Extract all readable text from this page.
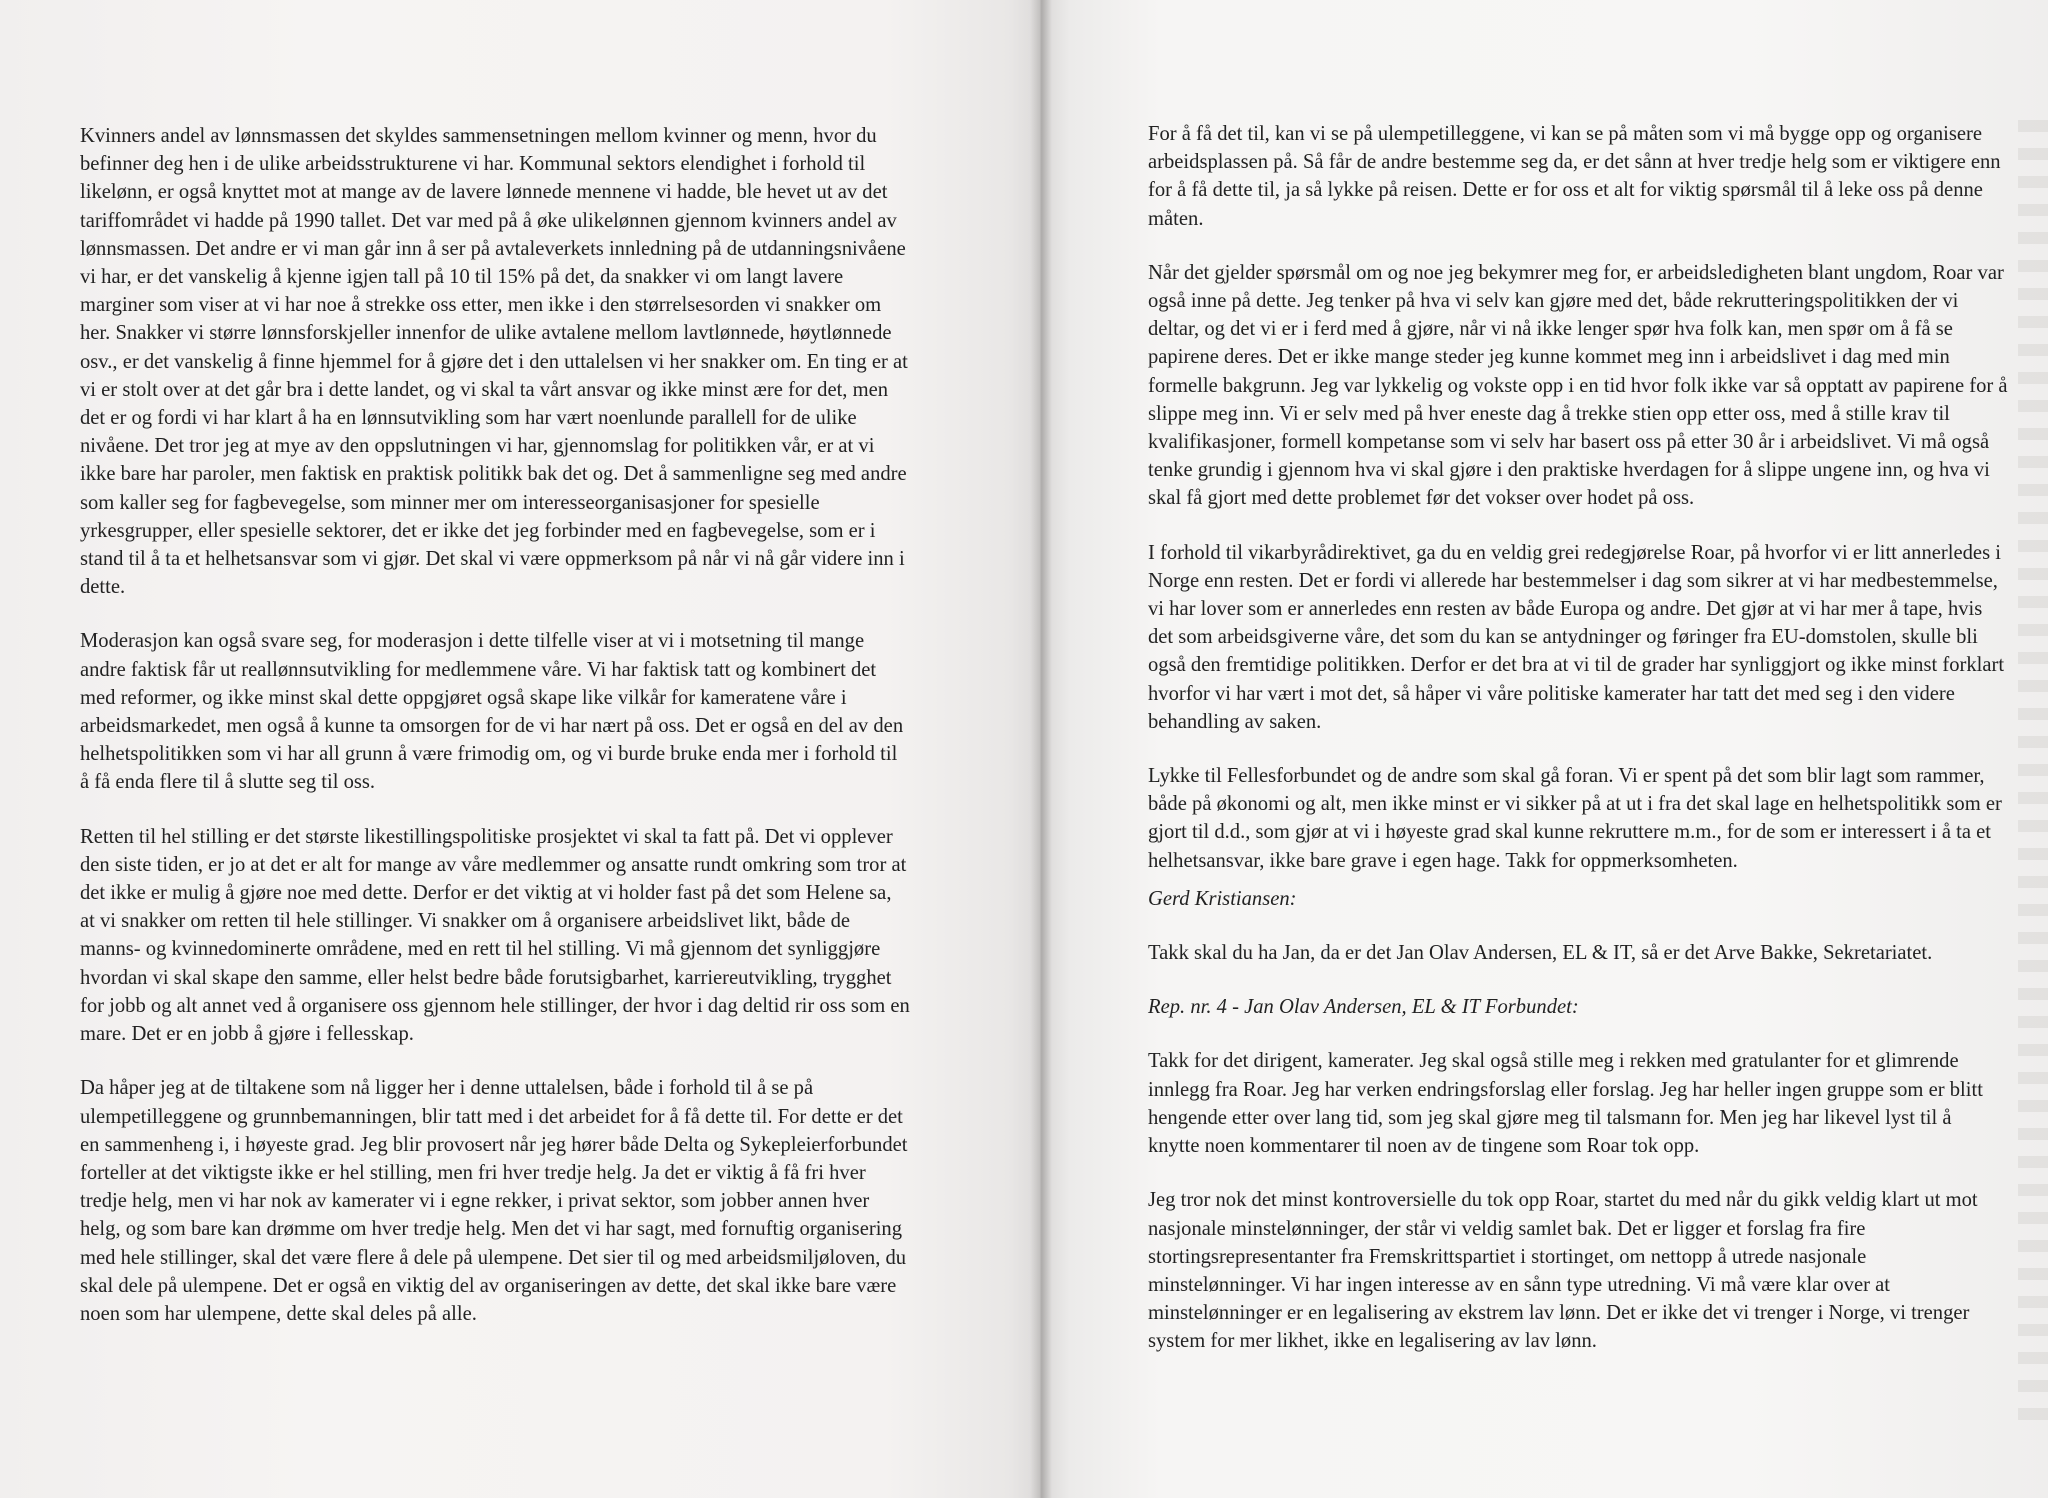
Kvinners andel av lønnsmassen det skyldes sammensetningen mellom kvinner og menn, hvor du befinner deg hen i de ulike arbeidsstrukturene vi har. Kommunal sektors elendighet i forhold til likelønn, er også knyttet mot at mange av de lavere lønnede mennene vi hadde, ble hevet ut av det tariffområdet vi hadde på 1990 tallet. Det var med på å øke ulikelønnen gjennom kvinners andel av lønnsmassen. Det andre er vi man går inn å ser på avtaleverkets innledning på de utdanningsnivåene vi har, er det vanskelig å kjenne igjen tall på 10 til 15% på det, da snakker vi om langt lavere marginer som viser at vi har noe å strekke oss etter, men ikke i den størrelsesorden vi snakker om her. Snakker vi større lønnsforskjeller innenfor de ulike avtalene mellom lavtlønnede, høytlønnede osv., er det vanskelig å finne hjemmel for å gjøre det i den uttalelsen vi her snakker om. En ting er at vi er stolt over at det går bra i dette landet, og vi skal ta vårt ansvar og ikke minst ære for det, men det er og fordi vi har klart å ha en lønnsutvikling som har vært noenlunde parallell for de ulike nivåene. Det tror jeg at mye av den oppslutningen vi har, gjennomslag for politikken vår, er at vi ikke bare har paroler, men faktisk en praktisk politikk bak det og. Det å sammenligne seg med andre som kaller seg for fagbevegelse, som minner mer om interesseorganisasjoner for spesielle yrkesgrupper, eller spesielle sektorer, det er ikke det jeg forbinder med en fagbevegelse, som er i stand til å ta et helhetsansvar som vi gjør. Det skal vi være oppmerksom på når vi nå går videre inn i dette.

Moderasjon kan også svare seg, for moderasjon i dette tilfelle viser at vi i motsetning til mange andre faktisk får ut reallønnsutvikling for medlemmene våre. Vi har faktisk tatt og kombinert det med reformer, og ikke minst skal dette oppgjøret også skape like vilkår for kameratene våre i arbeidsmarkedet, men også å kunne ta omsorgen for de vi har nært på oss. Det er også en del av den helhetspolitikken som vi har all grunn å være frimodig om, og vi burde bruke enda mer i forhold til å få enda flere til å slutte seg til oss.

Retten til hel stilling er det største likestillingspolitiske prosjektet vi skal ta fatt på. Det vi opplever den siste tiden, er jo at det er alt for mange av våre medlemmer og ansatte rundt omkring som tror at det ikke er mulig å gjøre noe med dette. Derfor er det viktig at vi holder fast på det som Helene sa, at vi snakker om retten til hele stillinger. Vi snakker om å organisere arbeidslivet likt, både de manns- og kvinnedominerte områdene, med en rett til hel stilling. Vi må gjennom det synliggjøre hvordan vi skal skape den samme, eller helst bedre både forutsigbarhet, karriereutvikling, trygghet for jobb og alt annet ved å organisere oss gjennom hele stillinger, der hvor i dag deltid rir oss som en mare. Det er en jobb å gjøre i fellesskap.

Da håper jeg at de tiltakene som nå ligger her i denne uttalelsen, både i forhold til å se på ulempetilleggene og grunnbemanningen, blir tatt med i det arbeidet for å få dette til. For dette er det en sammenheng i, i høyeste grad. Jeg blir provosert når jeg hører både Delta og Sykepleierforbundet forteller at det viktigste ikke er hel stilling, men fri hver tredje helg. Ja det er viktig å få fri hver tredje helg, men vi har nok av kamerater vi i egne rekker, i privat sektor, som jobber annen hver helg, og som bare kan drømme om hver tredje helg. Men det vi har sagt, med fornuftig organisering med hele stillinger, skal det være flere å dele på ulempene. Det sier til og med arbeidsmiljøloven, du skal dele på ulempene. Det er også en viktig del av organiseringen av dette, det skal ikke bare være noen som har ulempene, dette skal deles på alle.

For å få det til, kan vi se på ulempetilleggene, vi kan se på måten som vi må bygge opp og organisere arbeidsplassen på. Så får de andre bestemme seg da, er det sånn at hver tredje helg som er viktigere enn for å få dette til, ja så lykke på reisen. Dette er for oss et alt for viktig spørsmål til å leke oss på denne måten.

Når det gjelder spørsmål om og noe jeg bekymrer meg for, er arbeidsledigheten blant ungdom, Roar var også inne på dette. Jeg tenker på hva vi selv kan gjøre med det, både rekrutteringspolitikken der vi deltar, og det vi er i ferd med å gjøre, når vi nå ikke lenger spør hva folk kan, men spør om å få se papirene deres. Det er ikke mange steder jeg kunne kommet meg inn i arbeidslivet i dag med min formelle bakgrunn. Jeg var lykkelig og vokste opp i en tid hvor folk ikke var så opptatt av papirene for å slippe meg inn. Vi er selv med på hver eneste dag å trekke stien opp etter oss, med å stille krav til kvalifikasjoner, formell kompetanse som vi selv har basert oss på etter 30 år i arbeidslivet. Vi må også tenke grundig i gjennom hva vi skal gjøre i den praktiske hverdagen for å slippe ungene inn, og hva vi skal få gjort med dette problemet før det vokser over hodet på oss.

I forhold til vikarbyrådirektivet, ga du en veldig grei redegjørelse Roar, på hvorfor vi er litt annerledes i Norge enn resten. Det er fordi vi allerede har bestemmelser i dag som sikrer at vi har medbestemmelse, vi har lover som er annerledes enn resten av både Europa og andre. Det gjør at vi har mer å tape, hvis det som arbeidsgiverne våre, det som du kan se antydninger og føringer fra EU-domstolen, skulle bli også den fremtidige politikken. Derfor er det bra at vi til de grader har synliggjort og ikke minst forklart hvorfor vi har vært i mot det, så håper vi våre politiske kamerater har tatt det med seg i den videre behandling av saken.

Lykke til Fellesforbundet og de andre som skal gå foran. Vi er spent på det som blir lagt som rammer, både på økonomi og alt, men ikke minst er vi sikker på at ut i fra det skal lage en helhetspolitikk som er gjort til d.d., som gjør at vi i høyeste grad skal kunne rekruttere m.m., for de som er interessert i å ta et helhetsansvar, ikke bare grave i egen hage. Takk for oppmerksomheten.

Gerd Kristiansen:

Takk skal du ha Jan, da er det Jan Olav Andersen, EL & IT, så er det Arve Bakke, Sekretariatet.

Rep. nr. 4 - Jan Olav Andersen, EL & IT Forbundet:

Takk for det dirigent, kamerater. Jeg skal også stille meg i rekken med gratulanter for et glimrende innlegg fra Roar. Jeg har verken endringsforslag eller forslag. Jeg har heller ingen gruppe som er blitt hengende etter over lang tid, som jeg skal gjøre meg til talsmann for. Men jeg har likevel lyst til å knytte noen kommentarer til noen av de tingene som Roar tok opp.

Jeg tror nok det minst kontroversielle du tok opp Roar, startet du med når du gikk veldig klart ut mot nasjonale minstelønninger, der står vi veldig samlet bak. Det er ligger et forslag fra fire stortingsrepresentanter fra Fremskrittspartiet i stortinget, om nettopp å utrede nasjonale minstelønninger. Vi har ingen interesse av en sånn type utredning. Vi må være klar over at minstelønninger er en legalisering av ekstrem lav lønn. Det er ikke det vi trenger i Norge, vi trenger system for mer likhet, ikke en legalisering av lav lønn.
